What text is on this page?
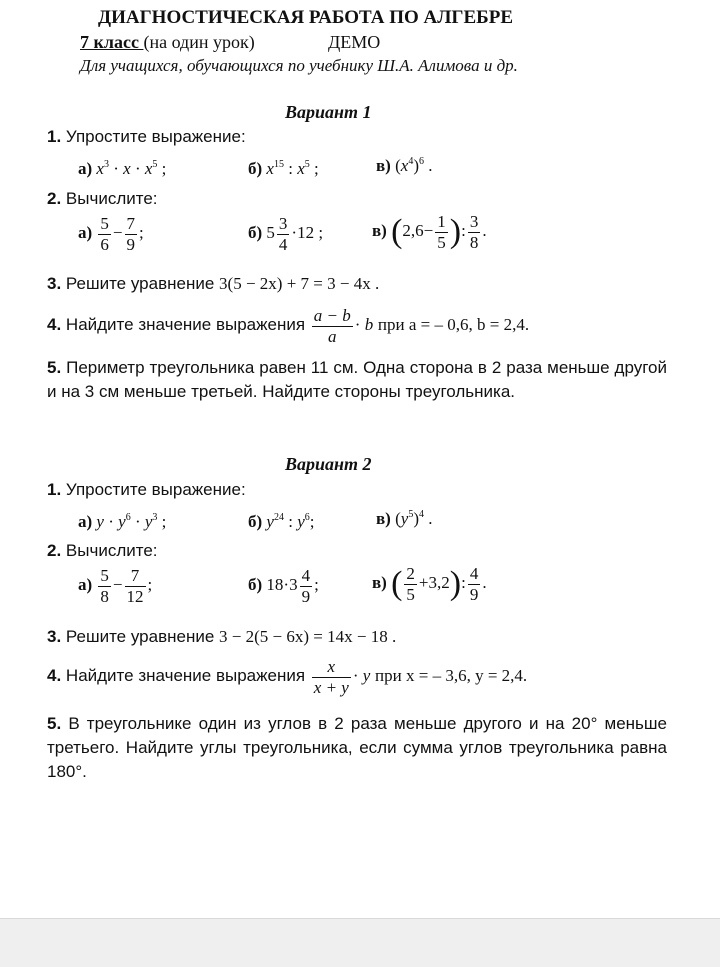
ДИАГНОСТИЧЕСКАЯ РАБОТА ПО АЛГЕБРЕ
7 класс (на один урок)	ДЕМО
Для учащихся, обучающихся по учебнику Ш.А. Алимова и др.
Вариант 1
1. Упростите выражение:
а) $x^3 \cdot x \cdot x^5$ ;	б) $x^{15}$ : $x^5$ ;	в) $(x^4)^6$ .
2. Вычислите:
$а) \frac{5}{6} - \frac{7}{9}$ ;	б) $5 \frac{3}{4} \cdot 12$ ;	в) ($2,6- \frac{1}{5}$ ): $\frac{3}{8}$ .
3. Решите уравнение 3(5 − 2x) + 7 = 3 − 4x .
4. Найдите значение выражения $\frac{a - b}{a} \cdot b$ при a = – 0,6, b = 2,4.
5. Периметр треугольника равен 11 см. Одна сторона в 2 раза меньше другой и на 3 см меньше третьей. Найдите стороны треугольника.
Вариант 2
1. Упростите выражение:
а) $y \cdot y^6 \cdot y^3$ ;	б) $y^{24}$ : $y^6$;	в) $(y^5)^4$ .
2. Вычислите:
$а) \frac{5}{8} - \frac{7}{12}$ ;	б) $18\cdot 3 \frac{4}{9}$ ;	в) ( $\frac{2}{5} +3,2$): $\frac{4}{9}$ .
3. Решите уравнение 3 − 2(5 − 6x) = 14x − 18 .
4. Найдите значение выражения $\frac{x}{x + y} \cdot y$ при x = – 3,6, y = 2,4.
5. В треугольнике один из углов в 2 раза меньше другого и на 20° меньше третьего. Найдите углы треугольника, если сумма углов треугольника равна 180°.
